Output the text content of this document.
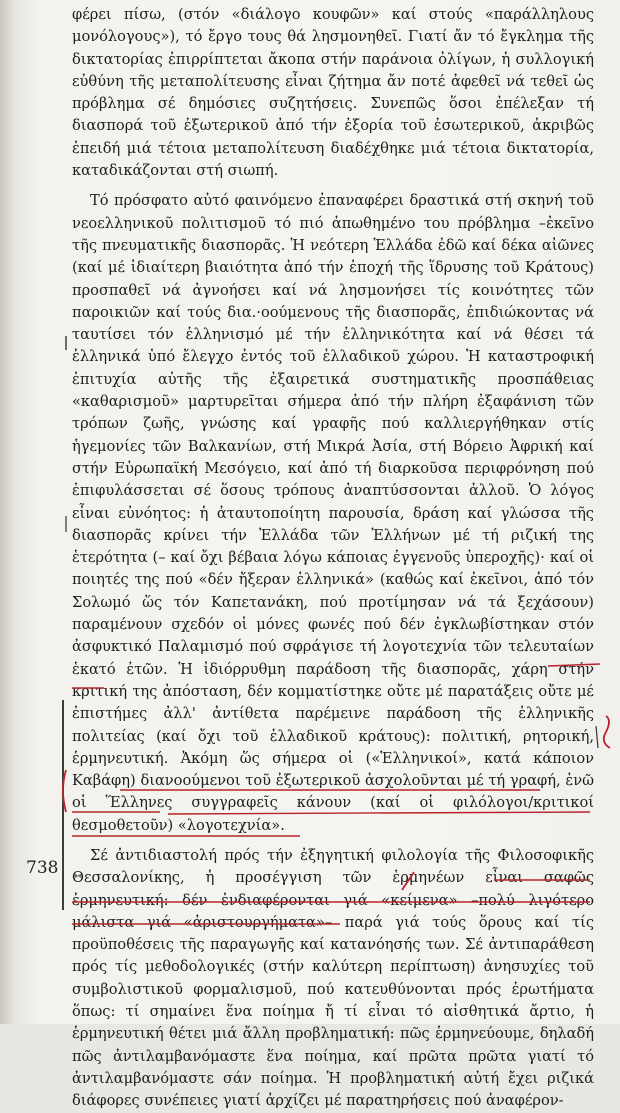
φέρει πίσω, (στόν «διάλογο κουφῶν» καί στούς «παράλληλους μονόλογους»), τό ἔργο τους θά λησμονηθεῖ. Γιατί ἄν τό ἔγκλημα τῆς δικτατορίας ἐπιρρίπτεται ἄκοπα στήν παράνοια ὀλίγων, ἡ συλλογική εὐθύνη τῆς μεταπολίτευσης εἶναι ζήτημα ἄν ποτέ ἀφεθεῖ νά τεθεῖ ὡς πρόβλημα σέ δημόσιες συζητήσεις. Συνεπῶς ὅσοι ἐπέλεξαν τή διασπορά τοῦ ἐξωτερικοῦ ἀπό τήν ἐξορία τοῦ ἐσωτερικοῦ, ἀκριβῶς ἐπειδή μιά τέτοια μεταπολίτευση διαδέχθηκε μιά τέτοια δικτατορία, καταδικάζονται στή σιωπή.

Τό πρόσφατο αὐτό φαινόμενο ἐπαναφέρει δραστικά στή σκηνή τοῦ νεοελληνικοῦ πολιτισμοῦ τό πιό ἀπωθημένο του πρόβλημα –ἐκεῖνο τῆς πνευματικῆς διασπορᾶς. Ἡ νεότερη Ἑλλάδα ἐδῶ καί δέκα αἰῶνες (καί μέ ἰδιαίτερη βιαιότητα ἀπό τήν ἐποχή τῆς ἵδρυσης τοῦ Κράτους) προσπαθεῖ νά ἀγνοήσει καί νά λησμονήσει τίς κοινότητες τῶν παροικιῶν καί τούς δια.·οούμενους τῆς διασπορᾶς, ἐπιδιώκοντας νά ταυτίσει τόν ἑλληνισμό μέ τήν ἑλληνικότητα καί νά θέσει τά ἑλληνικά ὑπό ἔλεγχο ἐντός τοῦ ἑλλαδικοῦ χώρου. Ἡ καταστροφική ἐπιτυχία αὐτῆς τῆς ἐξαιρετικά συστηματικῆς προσπάθειας «καθαρισμοῦ» μαρτυρεῖται σήμερα ἀπό τήν πλήρη ἐξαφάνιση τῶν τρόπων ζωῆς, γνώσης καί γραφῆς πού καλλιεργήθηκαν στίς ἡγεμονίες τῶν Βαλκανίων, στή Μικρά Ἀσία, στή Βόρειο Ἀφρική καί στήν Εὐρωπαϊκή Μεσόγειο, καί ἀπό τή διαρκοῦσα περιφρόνηση πού ἐπιφυλάσσεται σέ ὅσους τρόπους ἀναπτύσσονται ἀλλοῦ. Ὁ λόγος εἶναι εὐνόητος: ἡ ἀταυτοποίητη παρουσία, δράση καί γλώσσα τῆς διασπορᾶς κρίνει τήν Ἑλλάδα τῶν Ἑλλήνων μέ τή ριζική της ἑτερότητα (– καί ὄχι βέβαια λόγω κάποιας ἐγγενοῦς ὑπεροχῆς)· καί οἱ ποιητές της πού «δέν ἤξεραν ἑλληνικά» (καθώς καί ἐκεῖνοι, ἀπό τόν Σολωμό ὥς τόν Καπετανάκη, πού προτίμησαν νά τά ξεχάσουν) παραμένουν σχεδόν οἱ μόνες φωνές πού δέν ἐγκλωβίστηκαν στόν ἀσφυκτικό Παλαμισμό πού σφράγισε τή λογοτεχνία τῶν τελευταίων ἑκατό ἐτῶν. Ἡ ἰδιόρρυθμη παράδοση τῆς διασπορᾶς, χάρη στήν κριτική της ἀπόσταση, δέν κομματίστηκε οὔτε μέ παρατάξεις οὔτε μέ ἐπιστήμες ἀλλ' ἀντίθετα παρέμεινε παράδοση τῆς ἑλληνικῆς πολιτείας (καί ὄχι τοῦ ἑλλαδικοῦ κράτους): πολιτική, ρητορική, ἑρμηνευτική. Ἀκόμη ὥς σήμερα οἱ («Ἑλληνικοί», κατά κάποιον Καβάφη) διανοούμενοι τοῦ ἐξωτερικοῦ ἀσχολοῦνται μέ τή γραφή, ἐνῶ οἱ Ἕλληνες συγγραφεῖς κάνουν (καί οἱ φιλόλογοι/κριτικοί θεσμοθετοῦν) «λογοτεχνία».

Σέ ἀντιδιαστολή πρός τήν ἐξηγητική φιλολογία τῆς Φιλοσοφικῆς Θεσσαλονίκης, ἡ προσέγγιση τῶν ἑρμηνέων εἶναι σαφῶς ἑρμηνευτική: δέν ἐνδιαφέρονται γιά «κείμενα» –πολύ λιγότερο μάλιστα γιά «ἀριστουργήματα»– παρά γιά τούς ὅρους καί τίς προϋποθέσεις τῆς παραγωγῆς καί κατανόησής των. Σέ ἀντιπαράθεση πρός τίς μεθοδολογικές (στήν καλύτερη περίπτωση) ἀνησυχίες τοῦ συμβολιστικοῦ φορμαλισμοῦ, πού κατευθύνονται πρός ἐρωτήματα ὅπως: τί σημαίνει ἕνα ποίημα ἤ τί εἶναι τό αἰσθητικά ἄρτιο, ἡ ἑρμηνευτική θέτει μιά ἄλλη προβληματική: πῶς ἑρμηνεύουμε, δηλαδή πῶς ἀντιλαμβανόμαστε ἕνα ποίημα, καί πρῶτα πρῶτα γιατί τό ἀντιλαμβανόμαστε σάν ποίημα. Ἡ προβληματική αὐτή ἔχει ριζικά διάφορες συνέπειες γιατί ἀρχίζει μέ παρατηρήσεις πού ἀναφέρον-

738
